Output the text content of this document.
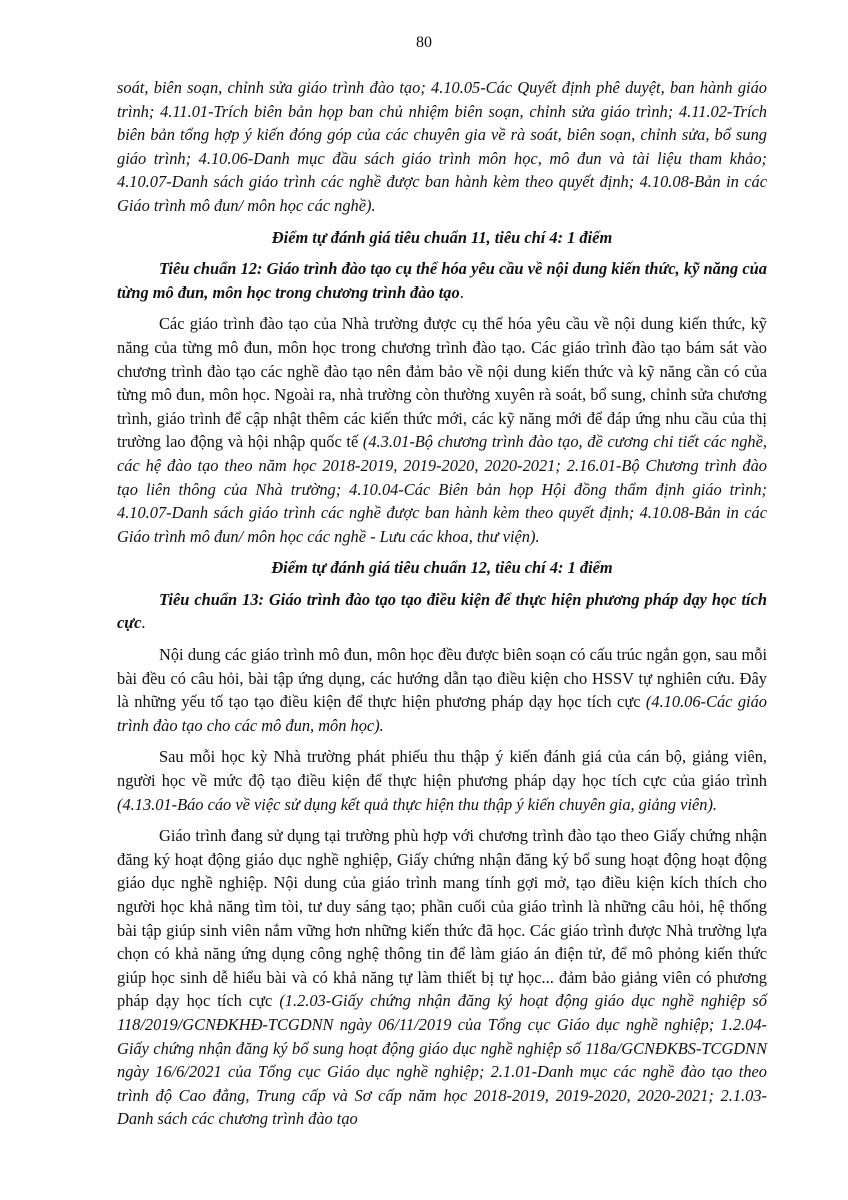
80

soát, biên soạn, chỉnh sửa giáo trình đào tạo; 4.10.05-Các Quyết định phê duyệt, ban hành giáo trình; 4.11.01-Trích biên bản họp ban chủ nhiệm biên soạn, chỉnh sửa giáo trình; 4.11.02-Trích biên bản tổng hợp ý kiến đóng góp của các chuyên gia về rà soát, biên soạn, chỉnh sửa, bổ sung giáo trình; 4.10.06-Danh mục đầu sách giáo trình môn học, mô đun và tài liệu tham khảo; 4.10.07-Danh sách giáo trình các nghề được ban hành kèm theo quyết định; 4.10.08-Bản in các Giáo trình mô đun/ môn học các nghề).

Điểm tự đánh giá tiêu chuẩn 11, tiêu chí 4: 1 điểm

Tiêu chuẩn 12: Giáo trình đào tạo cụ thể hóa yêu cầu về nội dung kiến thức, kỹ năng của từng mô đun, môn học trong chương trình đào tạo.

Các giáo trình đào tạo của Nhà trường được cụ thể hóa yêu cầu về nội dung kiến thức, kỹ năng của từng mô đun, môn học trong chương trình đào tạo. Các giáo trình đào tạo bám sát vào chương trình đào tạo các nghề đào tạo nên đảm bảo về nội dung kiến thức và kỹ năng cần có của từng mô đun, môn học. Ngoài ra, nhà trường còn thường xuyên rà soát, bổ sung, chỉnh sửa chương trình, giáo trình để cập nhật thêm các kiến thức mới, các kỹ năng mới để đáp ứng nhu cầu của thị trường lao động và hội nhập quốc tế (4.3.01-Bộ chương trình đào tạo, đề cương chi tiết các nghề, các hệ đào tạo theo năm học 2018-2019, 2019-2020, 2020-2021; 2.16.01-Bộ Chương trình đào tạo liên thông của Nhà trường; 4.10.04-Các Biên bản họp Hội đồng thẩm định giáo trình; 4.10.07-Danh sách giáo trình các nghề được ban hành kèm theo quyết định; 4.10.08-Bản in các Giáo trình mô đun/ môn học các nghề - Lưu các khoa, thư viện).

Điểm tự đánh giá tiêu chuẩn 12, tiêu chí 4: 1 điểm

Tiêu chuẩn 13: Giáo trình đào tạo tạo điều kiện để thực hiện phương pháp dạy học tích cực.

Nội dung các giáo trình mô đun, môn học đều được biên soạn có cấu trúc ngắn gọn, sau mỗi bài đều có câu hỏi, bài tập ứng dụng, các hướng dẫn tạo điều kiện cho HSSV tự nghiên cứu. Đây là những yếu tố tạo tạo điều kiện để thực hiện phương pháp dạy học tích cực (4.10.06-Các giáo trình đào tạo cho các mô đun, môn học).

Sau mỗi học kỳ Nhà trường phát phiếu thu thập ý kiến đánh giá của cán bộ, giảng viên, người học về mức độ tạo điều kiện để thực hiện phương pháp dạy học tích cực của giáo trình (4.13.01-Báo cáo về việc sử dụng kết quả thực hiện thu thập ý kiến chuyên gia, giảng viên).

Giáo trình đang sử dụng tại trường phù hợp với chương trình đào tạo theo Giấy chứng nhận đăng ký hoạt động giáo dục nghề nghiệp, Giấy chứng nhận đăng ký bổ sung hoạt động hoạt động giáo dục nghề nghiệp. Nội dung của giáo trình mang tính gợi mở, tạo điều kiện kích thích cho người học khả năng tìm tòi, tư duy sáng tạo; phần cuối của giáo trình là những câu hỏi, hệ thống bài tập giúp sinh viên nắm vững hơn những kiến thức đã học. Các giáo trình được Nhà trường lựa chọn có khả năng ứng dụng công nghệ thông tin để làm giáo án điện tử, để mô phỏng kiến thức giúp học sinh dễ hiểu bài và có khả năng tự làm thiết bị tự học... đảm bảo giảng viên có phương pháp dạy học tích cực (1.2.03-Giấy chứng nhận đăng ký hoạt động giáo dục nghề nghiệp số 118/2019/GCNĐKHĐ-TCGDNN ngày 06/11/2019 của Tổng cục Giáo dục nghề nghiệp; 1.2.04-Giấy chứng nhận đăng ký bổ sung hoạt động giáo dục nghề nghiệp số 118a/GCNĐKBS-TCGDNN ngày 16/6/2021 của Tổng cục Giáo dục nghề nghiệp; 2.1.01-Danh mục các nghề đào tạo theo trình độ Cao đẳng, Trung cấp và Sơ cấp năm học 2018-2019, 2019-2020, 2020-2021; 2.1.03-Danh sách các chương trình đào tạo
